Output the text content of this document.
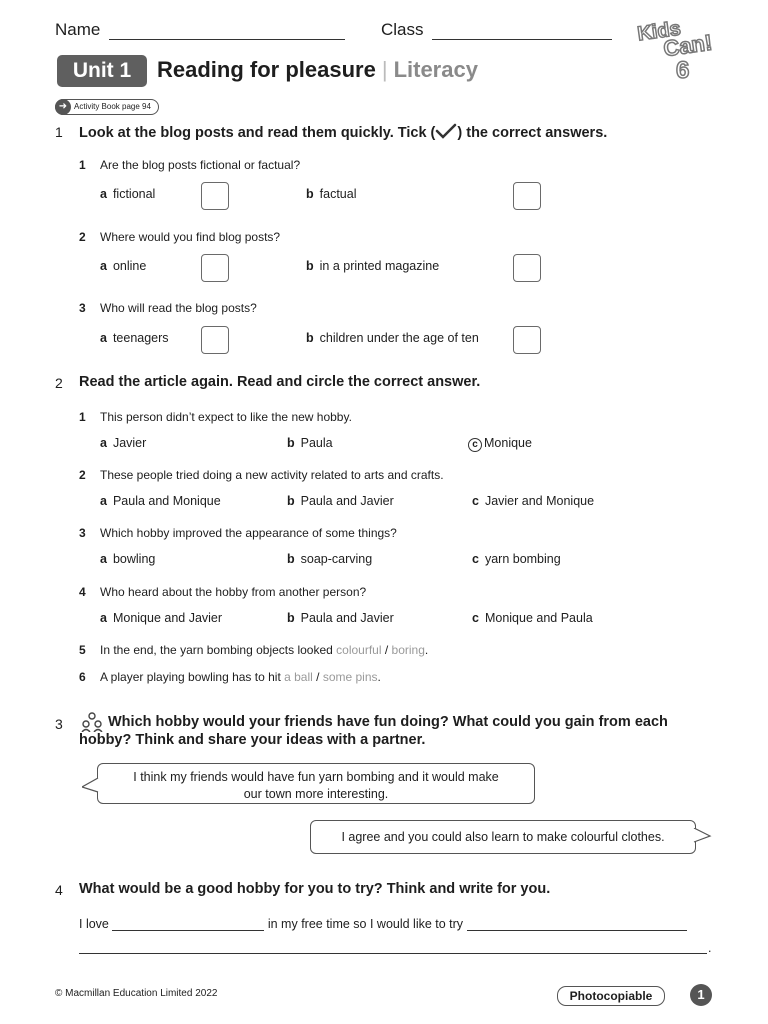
Name	Class	Kids
Can!
6
Unit 1	Reading for pleasure | Literacy
➜ Activity Book page 94
1 Look at the blog posts and read them quickly. Tick ( ) the correct answers.
1 Are the blog posts fictional or factual?
a fictional	b factual
2 Where would you find blog posts?
a online	b in a printed magazine
3 Who will read the blog posts?
a teenagers	b children under the age of ten
2 Read the article again. Read and circle the correct answer.
1 This person didn’t expect to like the new hobby.
a Javier	b Paula	c Monique
2 These people tried doing a new activity related to arts and crafts.
a Paula and Monique	b Paula and Javier	c Javier and Monique
3 Which hobby improved the appearance of some things?
a bowling	b soap-carving	c yarn bombing
4 Who heard about the hobby from another person?
a Monique and Javier	b Paula and Javier	c Monique and Paula
5 In the end, the yarn bombing objects looked colourful / boring.
6 A player playing bowling has to hit a ball / some pins.
3	Which hobby would your friends have fun doing? What could you gain from each
hobby? Think and share your ideas with a partner.
I think my friends would have fun yarn bombing and it would make
our town more interesting.
I agree and you could also learn to make colourful clothes.
4 What would be a good hobby for you to try? Think and write for you.
I love	in my free time so I would like to try
.
© Macmillan Education Limited 2022	Photocopiable	1
